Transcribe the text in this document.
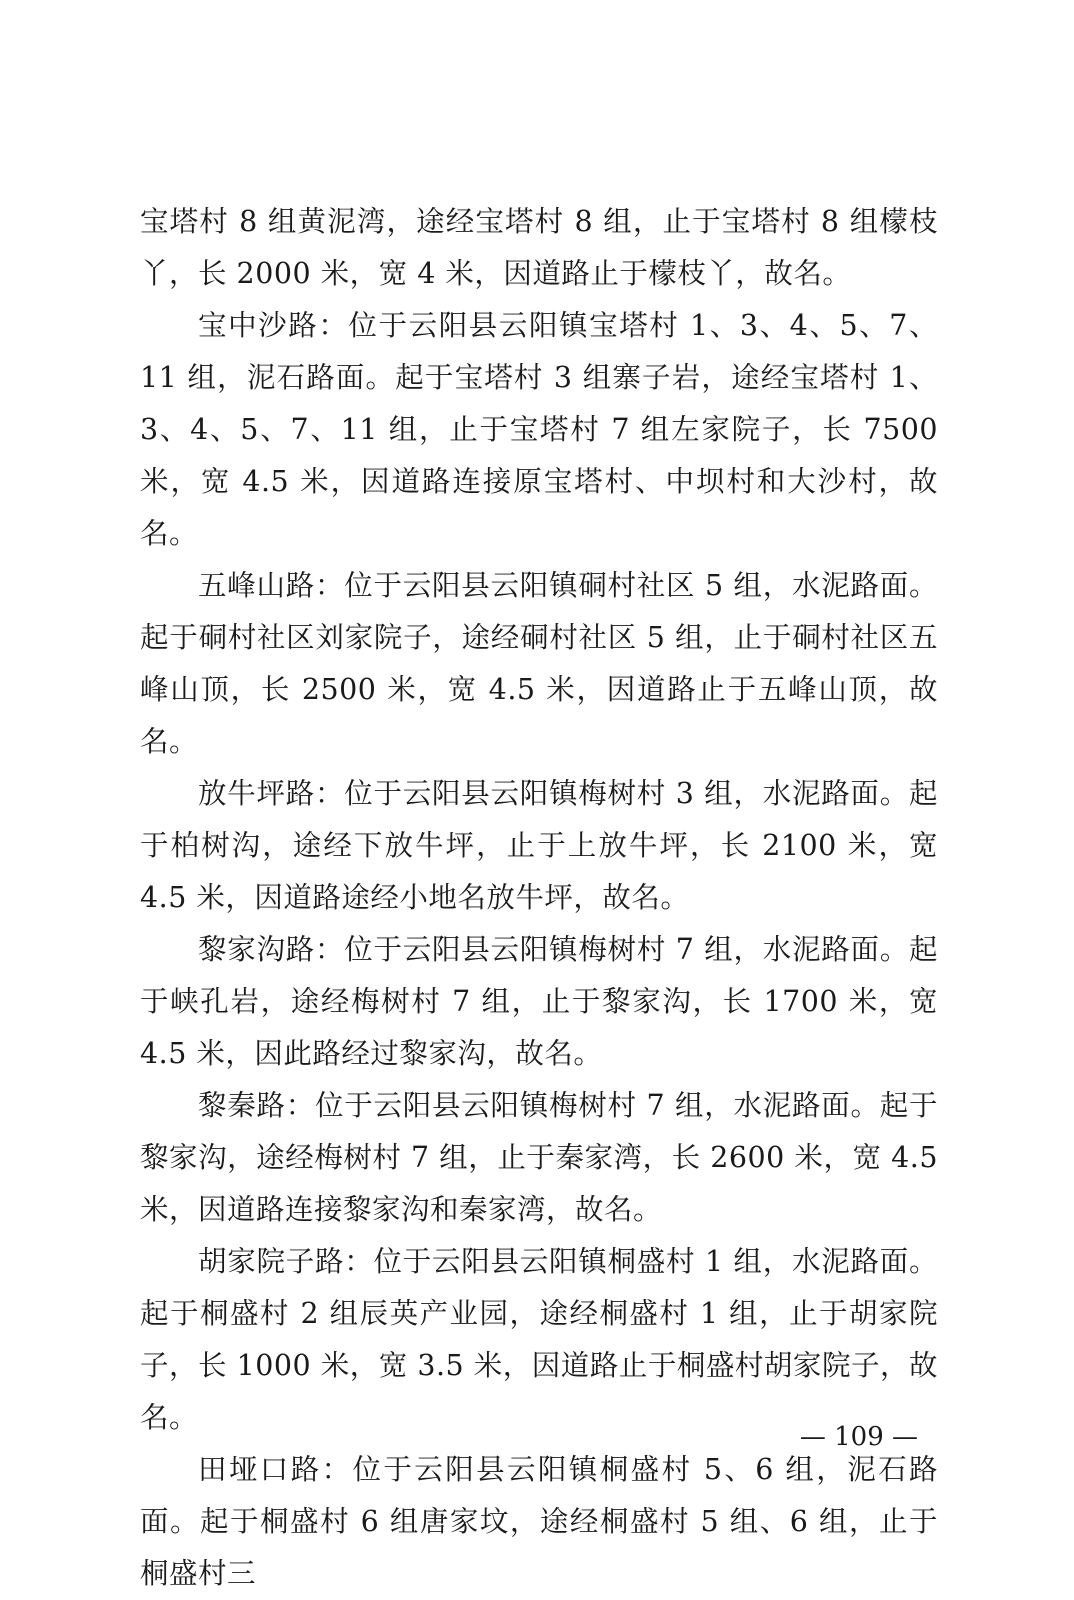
宝塔村 8 组黄泥湾，途经宝塔村 8 组，止于宝塔村 8 组檬枝丫，长 2000 米，宽 4 米，因道路止于檬枝丫，故名。

宝中沙路：位于云阳县云阳镇宝塔村 1、3、4、5、7、11 组，泥石路面。起于宝塔村 3 组寨子岩，途经宝塔村 1、3、4、5、7、11 组，止于宝塔村 7 组左家院子，长 7500 米，宽 4.5 米，因道路连接原宝塔村、中坝村和大沙村，故名。

五峰山路：位于云阳县云阳镇硐村社区 5 组，水泥路面。起于硐村社区刘家院子，途经硐村社区 5 组，止于硐村社区五峰山顶，长 2500 米，宽 4.5 米，因道路止于五峰山顶，故名。

放牛坪路：位于云阳县云阳镇梅树村 3 组，水泥路面。起于柏树沟，途经下放牛坪，止于上放牛坪，长 2100 米，宽 4.5 米，因道路途经小地名放牛坪，故名。

黎家沟路：位于云阳县云阳镇梅树村 7 组，水泥路面。起于峡孔岩，途经梅树村 7 组，止于黎家沟，长 1700 米，宽 4.5 米，因此路经过黎家沟，故名。

黎秦路：位于云阳县云阳镇梅树村 7 组，水泥路面。起于黎家沟，途经梅树村 7 组，止于秦家湾，长 2600 米，宽 4.5 米，因道路连接黎家沟和秦家湾，故名。

胡家院子路：位于云阳县云阳镇桐盛村 1 组，水泥路面。起于桐盛村 2 组辰英产业园，途经桐盛村 1 组，止于胡家院子，长 1000 米，宽 3.5 米，因道路止于桐盛村胡家院子，故名。

田垭口路：位于云阳县云阳镇桐盛村 5、6 组，泥石路面。起于桐盛村 6 组唐家坟，途经桐盛村 5 组、6 组，止于桐盛村三

— 109 —
